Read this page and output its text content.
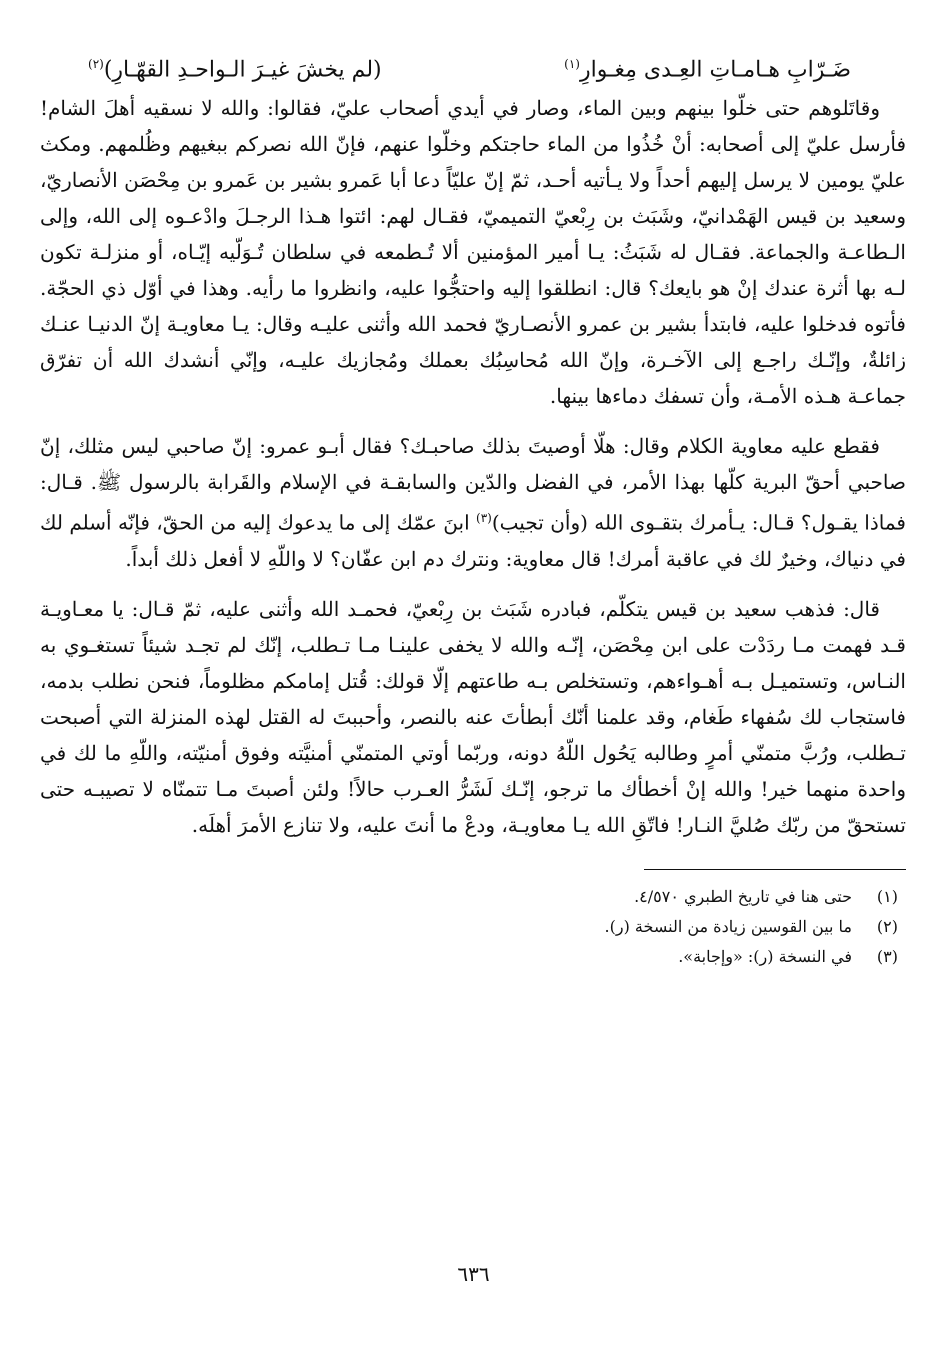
ضَـرّابِ هـامـاتِ العِـدى مِغـوارِ$^{(١)}$
(لم يخشَ غيـرَ الـواحـدِ القهّـارِ)$^{(٢)}$

وقاتَلوهم حتى خلّوا بينهم وبين الماء، وصار في أيدي أصحاب عليّ، فقالوا: والله لا نسقيه أهلَ الشام! فأرسل عليّ إلى أصحابه: أنْ خُذُوا من الماء حاجتكم وخلّوا عنهم، فإنّ الله نصركم ببغيهم وظُلمهم. ومكث عليّ يومين لا يرسل إليهم أحداً ولا يـأتيه أحـد، ثمّ إنّ عليّاً دعا أبا عَمرو بشير بن عَمرو بن مِحْصَن الأنصاريّ، وسعيد بن قيس الهَمْدانيّ، وشَبَث بن رِبْعيّ التميميّ، فقـال لهم: ائتوا هـذا الرجـلَ وادْعـوه إلى الله، وإلى الـطاعـة والجماعة. فقـال له شَبَثُ: يـا أمير المؤمنين ألا تُـطمعه في سلطان تُـوَلّيه إيّـاه، أو منزلـة تكون لـه بها أثرة عندك إنْ هو بايعك؟ قال: انطلقوا إليه واحتجُّوا عليه، وانظروا ما رأيه. وهذا في أوّل ذي الحجّة. فأتوه فدخلوا عليه، فابتدأ بشير بن عمرو الأنصـاريّ فحمد الله وأثنى عليـه وقال: يـا معاويـة إنّ الدنيـا عنـك زائلةٌ، وإنّـك راجـع إلى الآخـرة، وإنّ الله مُحاسِبُك بعملك ومُجازيك عليـه، وإنّي أنشدك الله أن تفرّق جماعـة هـذه الأمـة، وأن تسفك دماءها بينها.

فقطع عليه معاوية الكلام وقال: هلّا أوصيتَ بذلك صاحبـك؟ فقال أبـو عمرو: إنّ صاحبي ليس مثلك، إنّ صاحبي أحقّ البرية كلّها بهذا الأمر، في الفضل والدّين والسابقـة في الإسلام والقَرابة بالرسول ﷺ. قـال: فماذا يقـول؟ قـال: يـأمرك بتقـوى الله (وأن تجيب)$^{(٣)}$ ابنَ عمّك إلى ما يدعوك إليه من الحقّ، فإنّه أسلم لك في دنياك، وخيرٌ لك في عاقبة أمرك! قال معاوية: ونترك دم ابن عفّان؟ لا واللّهِ لا أفعل ذلك أبداً.

قال: فذهب سعيد بن قيس يتكلّم، فبادره شَبَث بن رِبْعيّ، فحمـد الله وأثنى عليه، ثمّ قـال: يا معـاويـة قـد فهمت مـا ردَدْت على ابن مِحْصَن، إنّـه والله لا يخفى علينـا مـا تـطلب، إنّك لم تجـد شيئاً تستغـوي به النـاس، وتستميـل بـه أهـواءهم، وتستخلص بـه طاعتهم إلّا قولك: قُتل إمامكم مظلوماً، فنحن نطلب بدمه، فاستجاب لك سُفهاء طَغام، وقد علمنا أنّك أبطأتَ عنه بالنصر، وأحببتَ له القتل لهذه المنزلة التي أصبحت تـطلب، ورُبَّ متمنّي أمرٍ وطالبه يَحُول اللّهُ دونه، وربّما أوتي المتمنّي أمنيَّته وفوق أمنيّته، واللّهِ ما لك في واحدة منهما خير! والله إنْ أخطأك ما ترجو، إنّـك لَشَرُّ العـرب حالاً! ولئن أصبتَ مـا تتمنّاه لا تصيبـه حتى تستحقّ من ربّك صُليَّ النـار! فاتّقِ الله يـا معاويـة، ودعْ ما أنتَ عليه، ولا تنازع الأمرَ أهلَه.

(١)
حتى هنا في تاريخ الطبري ٤/٥٧٠.
(٢)
ما بين القوسين زيادة من النسخة (ر).
(٣)
في النسخة (ر): «وإجابة».
٦٣٦
